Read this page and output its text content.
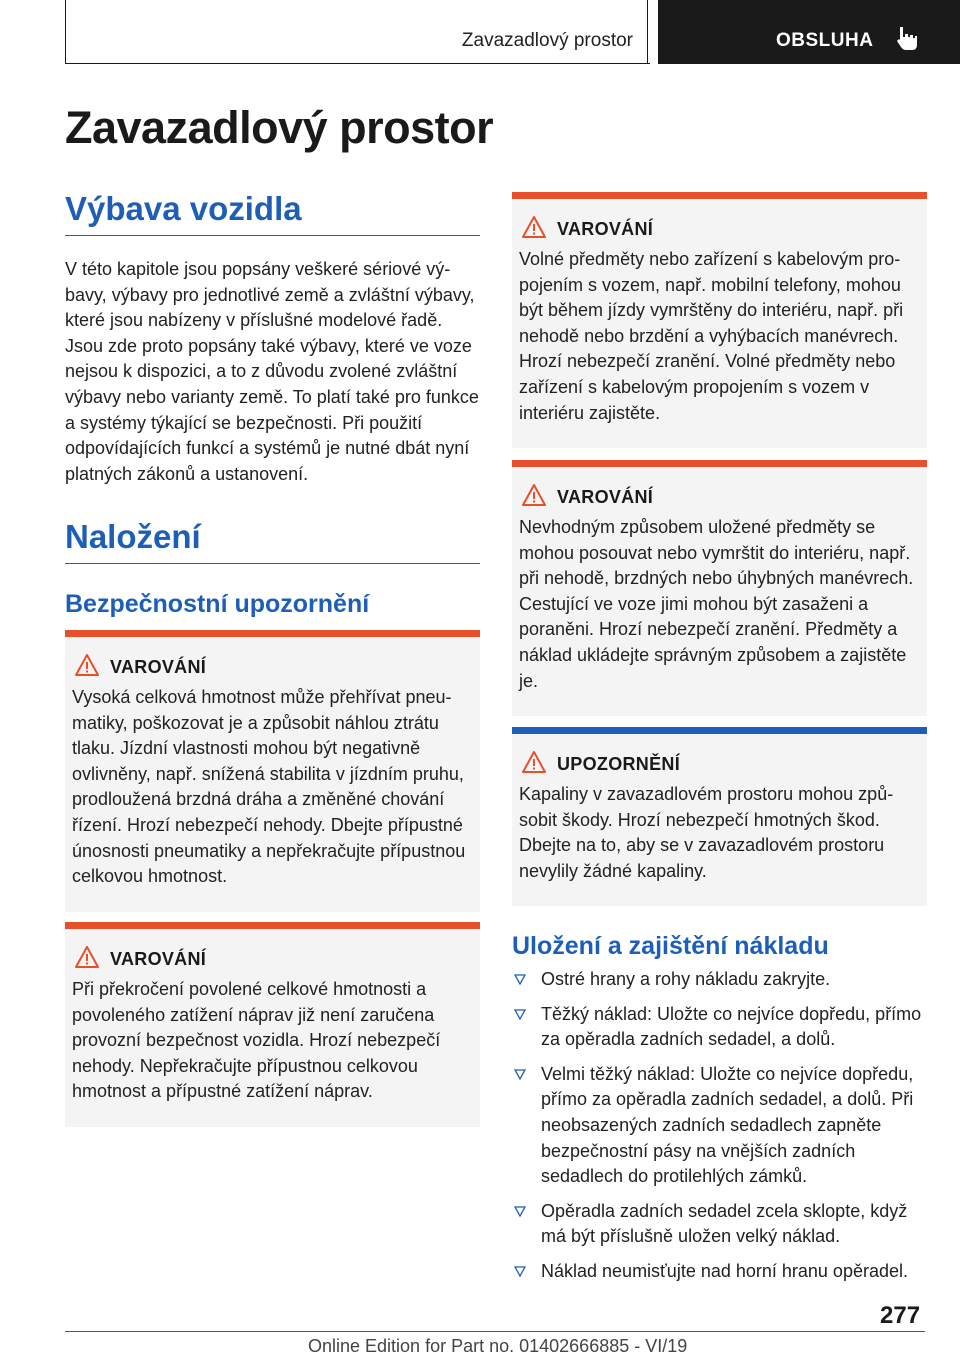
Zavazadlový prostor	OBSLUHA
Zavazadlový prostor
Výbava vozidla

V této kapitole jsou popsány veškeré sériové výbavy, výbavy pro jednotlivé země a zvláštní výbavy, které jsou nabízeny v příslušné modelové řadě. Jsou zde proto popsány také výbavy, které ve voze nejsou k dispozici, a to z důvodu zvolené zvláštní výbavy nebo varianty země. To platí také pro funkce a systémy týkající se bezpečnosti. Při použití odpovídajících funkcí a systémů je nutné dbát nyní platných zákonů a ustanovení.

Naložení
Bezpečnostní upozornění
VAROVÁNÍ

Vysoká celková hmotnost může přehřívat pneumatiky, poškozovat je a způsobit náhlou ztrátu tlaku. Jízdní vlastnosti mohou být negativně ovlivněny, např. snížená stabilita v jízdním pruhu, prodloužená brzdná dráha a změněné chování řízení. Hrozí nebezpečí nehody. Dbejte přípustné únosnosti pneumatiky a nepřekračujte přípustnou celkovou hmotnost.

VAROVÁNÍ

Při překročení povolené celkové hmotnosti a povoleného zatížení náprav již není zaručena provozní bezpečnost vozidla. Hrozí nebezpečí nehody. Nepřekračujte přípustnou celkovou hmotnost a přípustné zatížení náprav.

VAROVÁNÍ

Volné předměty nebo zařízení s kabelovým propojením s vozem, např. mobilní telefony, mohou být během jízdy vymrštěny do interiéru, např. při nehodě nebo brzdění a vyhýbacích manévrech. Hrozí nebezpečí zranění. Volné předměty nebo zařízení s kabelovým propojením s vozem v interiéru zajistěte.

VAROVÁNÍ

Nevhodným způsobem uložené předměty se mohou posouvat nebo vymrštit do interiéru, např. při nehodě, brzdných nebo úhybných manévrech. Cestující ve voze jimi mohou být zasaženi a poraněni. Hrozí nebezpečí zranění. Předměty a náklad ukládejte správným způsobem a zajistěte je.

UPOZORNĚNÍ

Kapaliny v zavazadlovém prostoru mohou způsobit škody. Hrozí nebezpečí hmotných škod. Dbejte na to, aby se v zavazadlovém prostoru nevylily žádné kapaliny.

Uložení a zajištění nákladu
Ostré hrany a rohy nákladu zakryjte.
Těžký náklad: Uložte co nejvíce dopředu, přímo za opěradla zadních sedadel, a dolů.
Velmi těžký náklad: Uložte co nejvíce dopředu, přímo za opěradla zadních sedadel, a dolů. Při neobsazených zadních sedadlech zapněte bezpečnostní pásy na vnějších zadních sedadlech do protilehlých zámků.
Opěradla zadních sedadel zcela sklopte, když má být příslušně uložen velký náklad.
Náklad neumisťujte nad horní hranu opěradel.
277
Online Edition for Part no. 01402666885 - VI/19
